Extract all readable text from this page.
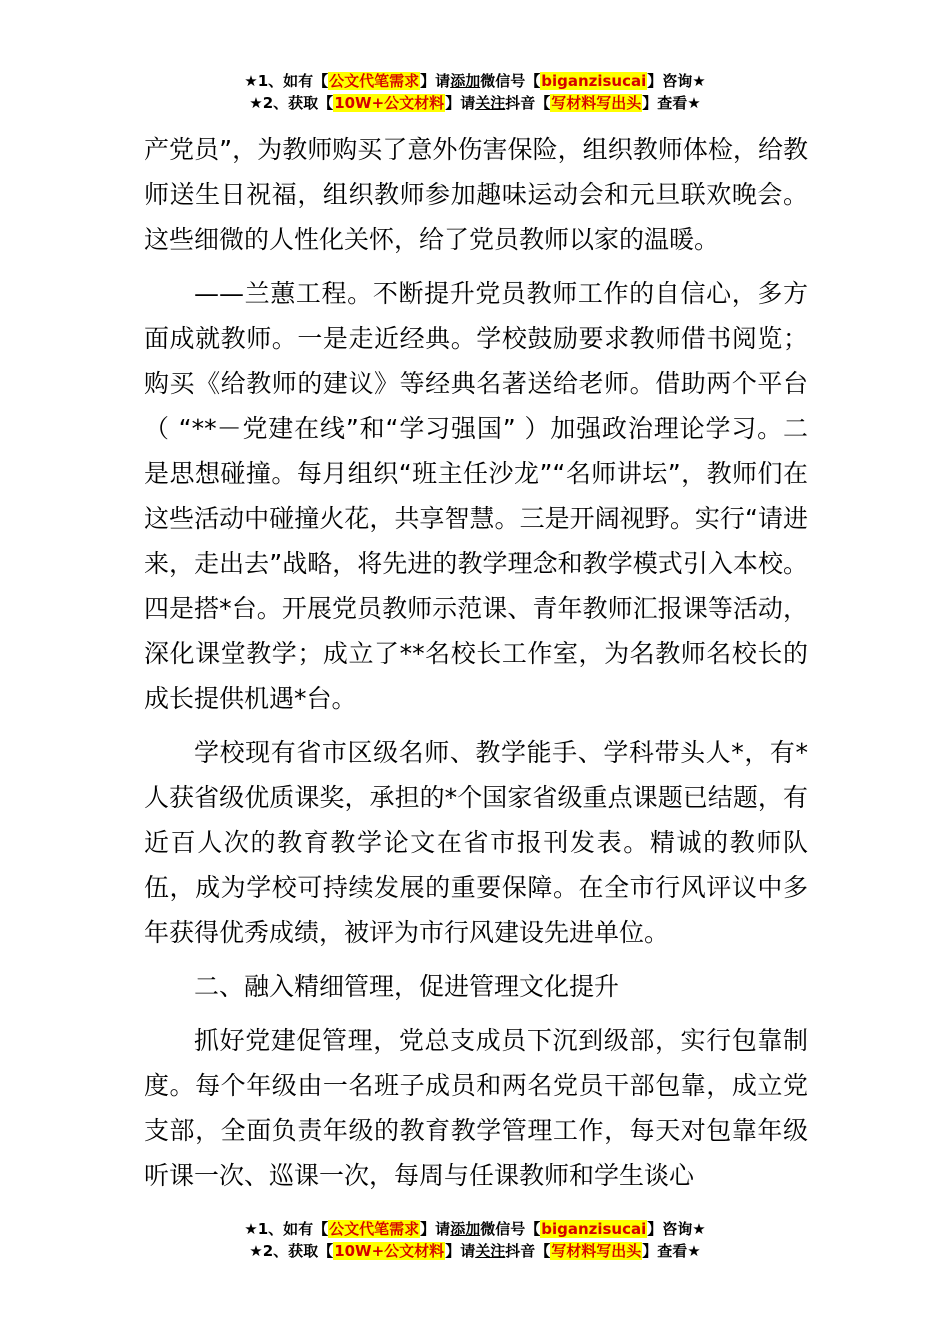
★1、如有【公文代笔需求】请添加微信号【biganzisucai】咨询★
★2、获取【10W+公文材料】请关注抖音【写材料写出头】查看★

产党员”，为教师购买了意外伤害保险，组织教师体检，给教师送生日祝福，组织教师参加趣味运动会和元旦联欢晚会。这些细微的人性化关怀，给了党员教师以家的温暖。

——兰蕙工程。不断提升党员教师工作的自信心，多方面成就教师。一是走近经典。学校鼓励要求教师借书阅览；购买《给教师的建议》等经典名著送给老师。借助两个平台（ “**－党建在线”和“学习强国” ）加强政治理论学习。二是思想碰撞。每月组织“班主任沙龙”“名师讲坛”，教师们在这些活动中碰撞火花，共享智慧。三是开阔视野。实行“请进来，走出去”战略，将先进的教学理念和教学模式引入本校。四是搭*台。开展党员教师示范课、青年教师汇报课等活动，深化课堂教学；成立了**名校长工作室，为名教师名校长的成长提供机遇*台。

学校现有省市区级名师、教学能手、学科带头人*，有*人获省级优质课奖，承担的*个国家省级重点课题已结题，有近百人次的教育教学论文在省市报刊发表。精诚的教师队伍，成为学校可持续发展的重要保障。在全市行风评议中多年获得优秀成绩，被评为市行风建设先进单位。

二、融入精细管理，促进管理文化提升

抓好党建促管理，党总支成员下沉到级部，实行包靠制度。每个年级由一名班子成员和两名党员干部包靠，成立党支部，全面负责年级的教育教学管理工作，每天对包靠年级听课一次、巡课一次，每周与任课教师和学生谈心

★1、如有【公文代笔需求】请添加微信号【biganzisucai】咨询★
★2、获取【10W+公文材料】请关注抖音【写材料写出头】查看★
